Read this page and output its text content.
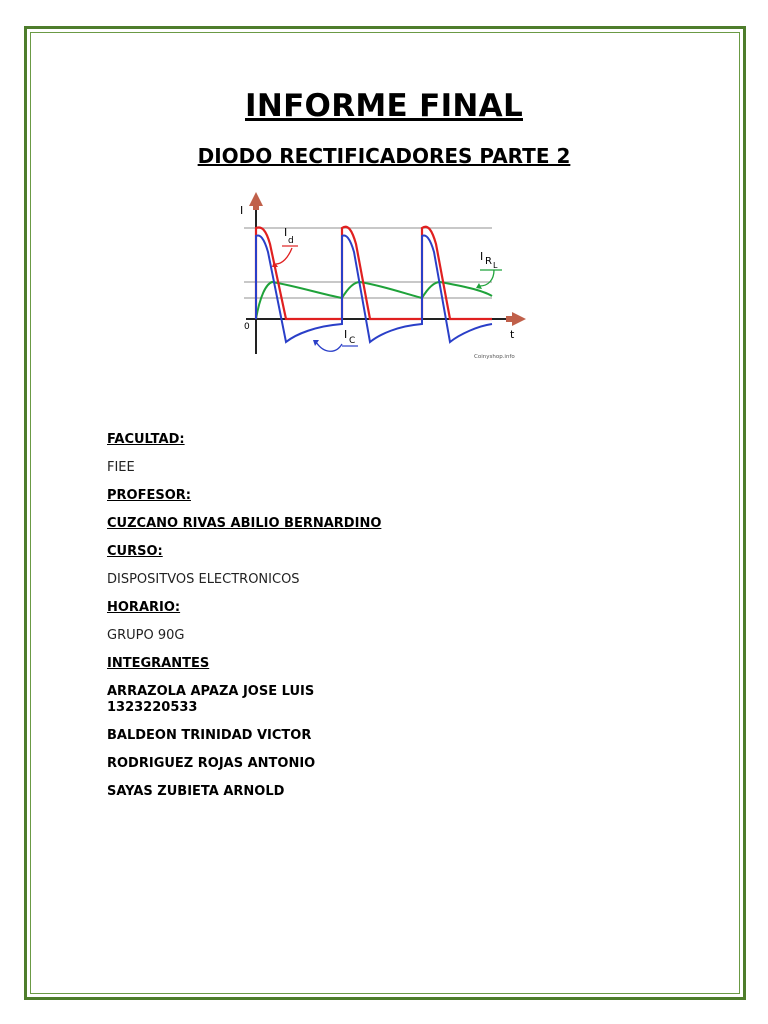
INFORME FINAL
DIODO RECTIFICADORES PARTE 2
I
t
0
I
d
I R L
I C
Coinyshop.info

FACULTAD:

FIEE

PROFESOR:

CUZCANO RIVAS ABILIO BERNARDINO

CURSO:

DISPOSITVOS ELECTRONICOS

HORARIO:

GRUPO 90G

INTEGRANTES

ARRAZOLA APAZA JOSE LUIS

1323220533

BALDEON TRINIDAD VICTOR

RODRIGUEZ ROJAS ANTONIO

SAYAS ZUBIETA ARNOLD
